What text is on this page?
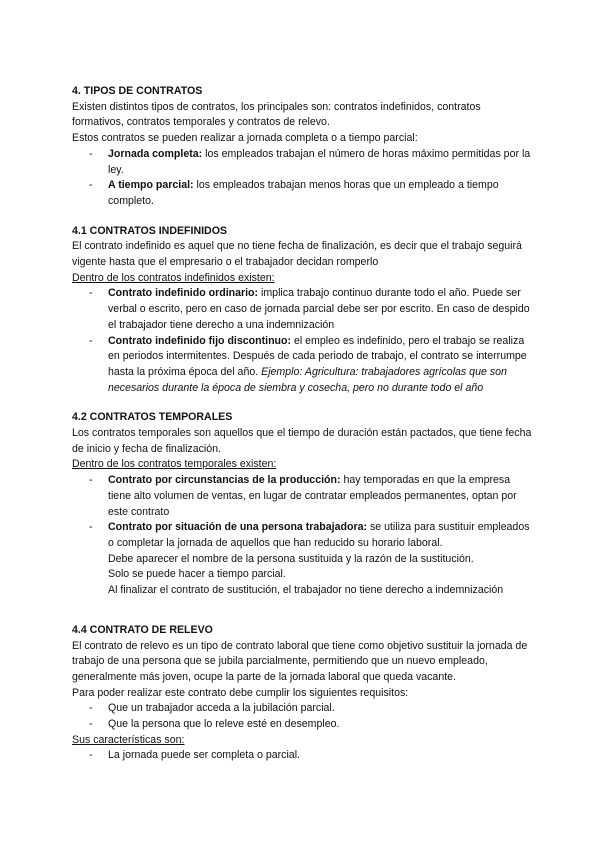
4. TIPOS DE CONTRATOS

Existen distintos tipos de contratos, los principales son: contratos indefinidos, contratos formativos, contratos temporales y contratos de relevo.

Estos contratos se pueden realizar a jornada completa o a tiempo parcial:

- Jornada completa: los empleados trabajan el número de horas máximo permitidas por la ley.
- A tiempo parcial: los empleados trabajan menos horas que un empleado a tiempo completo.

4.1 CONTRATOS INDEFINIDOS

El contrato indefinido es aquel que no tiene fecha de finalización, es decir que el trabajo seguirá vigente hasta que el empresario o el trabajador decidan romperlo

Dentro de los contratos indefinidos existen:

- Contrato indefinido ordinario: implica trabajo continuo durante todo el año. Puede ser verbal o escrito, pero en caso de jornada parcial debe ser por escrito. En caso de despido el trabajador tiene derecho a una indemnización
- Contrato indefinido fijo discontinuo: el empleo es indefinido, pero el trabajo se realiza en periodos intermitentes. Después de cada periodo de trabajo, el contrato se interrumpe hasta la próxima época del año. Ejemplo: Agricultura: trabajadores agrícolas que son necesarios durante la época de siembra y cosecha, pero no durante todo el año

4.2 CONTRATOS TEMPORALES

Los contratos temporales son aquellos que el tiempo de duración están pactados, que tiene fecha de inicio y fecha de finalización.

Dentro de los contratos temporales existen:

- Contrato por circunstancias de la producción: hay temporadas en que la empresa tiene alto volumen de ventas, en lugar de contratar empleados permanentes, optan por este contrato
- Contrato por situación de una persona trabajadora: se utiliza para sustituir empleados o completar la jornada de aquellos que han reducido su horario laboral.

Debe aparecer el nombre de la persona sustituida y la razón de la sustitución.

Solo se puede hacer a tiempo parcial.

Al finalizar el contrato de sustitución, el trabajador no tiene derecho a indemnización

4.4 CONTRATO DE RELEVO

El contrato de relevo es un tipo de contrato laboral que tiene como objetivo sustituir la jornada de trabajo de una persona que se jubila parcialmente, permitiendo que un nuevo empleado, generalmente más joven, ocupe la parte de la jornada laboral que queda vacante.

Para poder realizar este contrato debe cumplir los siguientes requisitos:

- Que un trabajador acceda a la jubilación parcial.
- Que la persona que lo releve esté en desempleo.

Sus características son:

- La jornada puede ser completa o parcial.
